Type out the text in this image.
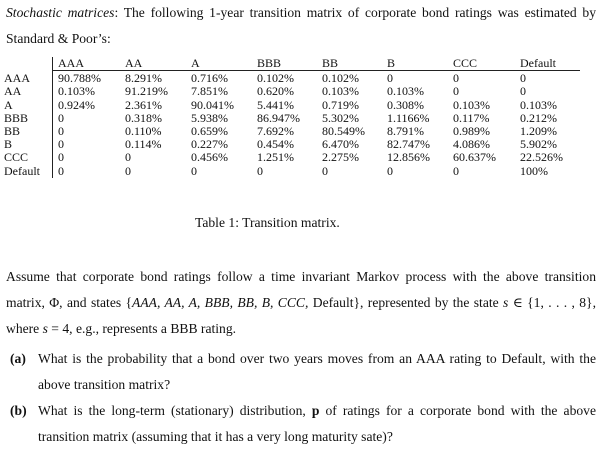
Stochastic matrices: The following 1-year transition matrix of corporate bond ratings was estimated by Standard & Poor’s:
	AAA	AA	A	BBB	BB	B	CCC	Default
AAA	90.788%	8.291%	0.716%	0.102%	0.102%	0	0	0
AA	0.103%	91.219%	7.851%	0.620%	0.103%	0.103%	0	0
A	0.924%	2.361%	90.041%	5.441%	0.719%	0.308%	0.103%	0.103%
BBB	0	0.318%	5.938%	86.947%	5.302%	1.1166%	0.117%	0.212%
BB	0	0.110%	0.659%	7.692%	80.549%	8.791%	0.989%	1.209%
B	0	0.114%	0.227%	0.454%	6.470%	82.747%	4.086%	5.902%
CCC	0	0	0.456%	1.251%	2.275%	12.856%	60.637%	22.526%
Default	0	0	0	0	0	0	0	100%
Table 1: Transition matrix.
Assume that corporate bond ratings follow a time invariant Markov process with the above transition matrix, Φ, and states {AAA, AA, A, BBB, BB, B, CCC, Default}, represented by the state s ∈ {1, . . . , 8}, where s = 4, e.g., represents a BBB rating.
(a) What is the probability that a bond over two years moves from an AAA rating to Default, with the above transition matrix?
(b) What is the long-term (stationary) distribution, p of ratings for a corporate bond with the above transition matrix (assuming that it has a very long maturity sate)?
